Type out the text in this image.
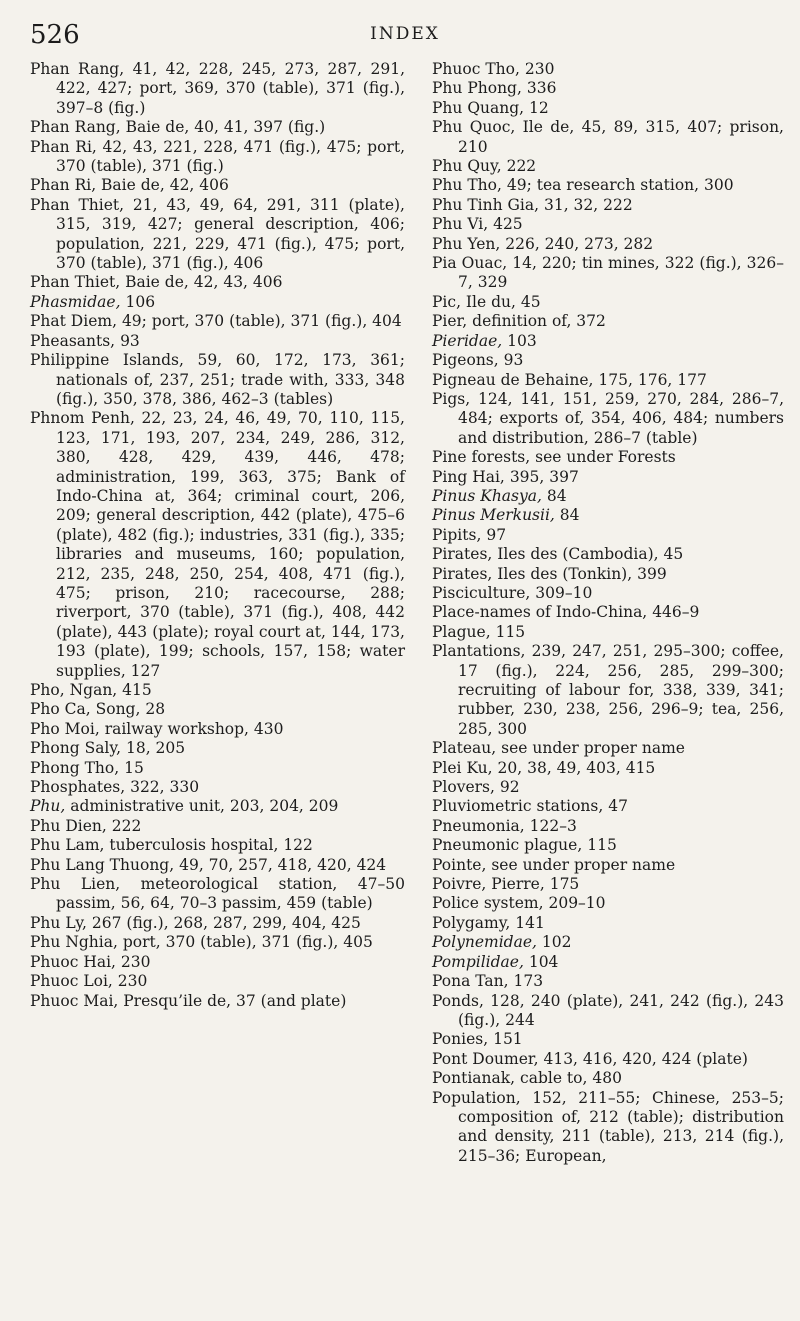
526	INDEX

Phan Rang, 41, 42, 228, 245, 273, 287, 291, 422, 427; port, 369, 370 (table), 371 (fig.), 397–8 (fig.)

Phan Rang, Baie de, 40, 41, 397 (fig.)

Phan Ri, 42, 43, 221, 228, 471 (fig.), 475; port, 370 (table), 371 (fig.)

Phan Ri, Baie de, 42, 406

Phan Thiet, 21, 43, 49, 64, 291, 311 (plate), 315, 319, 427; general description, 406; population, 221, 229, 471 (fig.), 475; port, 370 (table), 371 (fig.), 406

Phan Thiet, Baie de, 42, 43, 406

Phasmidae, 106

Phat Diem, 49; port, 370 (table), 371 (fig.), 404

Pheasants, 93

Philippine Islands, 59, 60, 172, 173, 361; nationals of, 237, 251; trade with, 333, 348 (fig.), 350, 378, 386, 462–3 (tables)

Phnom Penh, 22, 23, 24, 46, 49, 70, 110, 115, 123, 171, 193, 207, 234, 249, 286, 312, 380, 428, 429, 439, 446, 478; administration, 199, 363, 375; Bank of Indo-China at, 364; criminal court, 206, 209; general description, 442 (plate), 475–6 (plate), 482 (fig.); industries, 331 (fig.), 335; libraries and museums, 160; population, 212, 235, 248, 250, 254, 408, 471 (fig.), 475; prison, 210; racecourse, 288; riverport, 370 (table), 371 (fig.), 408, 442 (plate), 443 (plate); royal court at, 144, 173, 193 (plate), 199; schools, 157, 158; water supplies, 127

Pho, Ngan, 415

Pho Ca, Song, 28

Pho Moi, railway workshop, 430

Phong Saly, 18, 205

Phong Tho, 15

Phosphates, 322, 330

Phu, administrative unit, 203, 204, 209

Phu Dien, 222

Phu Lam, tuberculosis hospital, 122

Phu Lang Thuong, 49, 70, 257, 418, 420, 424

Phu Lien, meteorological station, 47–50 passim, 56, 64, 70–3 passim, 459 (table)

Phu Ly, 267 (fig.), 268, 287, 299, 404, 425

Phu Nghia, port, 370 (table), 371 (fig.), 405

Phuoc Hai, 230

Phuoc Loi, 230

Phuoc Mai, Presqu’ile de, 37 (and plate)

Phuoc Tho, 230

Phu Phong, 336

Phu Quang, 12

Phu Quoc, Ile de, 45, 89, 315, 407; prison, 210

Phu Quy, 222

Phu Tho, 49; tea research station, 300

Phu Tinh Gia, 31, 32, 222

Phu Vi, 425

Phu Yen, 226, 240, 273, 282

Pia Ouac, 14, 220; tin mines, 322 (fig.), 326–7, 329

Pic, Ile du, 45

Pier, definition of, 372

Pieridae, 103

Pigeons, 93

Pigneau de Behaine, 175, 176, 177

Pigs, 124, 141, 151, 259, 270, 284, 286–7, 484; exports of, 354, 406, 484; numbers and distribution, 286–7 (table)

Pine forests, see under Forests

Ping Hai, 395, 397

Pinus Khasya, 84

Pinus Merkusii, 84

Pipits, 97

Pirates, Iles des (Cambodia), 45

Pirates, Iles des (Tonkin), 399

Pisciculture, 309–10

Place-names of Indo-China, 446–9

Plague, 115

Plantations, 239, 247, 251, 295–300; coffee, 17 (fig.), 224, 256, 285, 299–300; recruiting of labour for, 338, 339, 341; rubber, 230, 238, 256, 296–9; tea, 256, 285, 300

Plateau, see under proper name

Plei Ku, 20, 38, 49, 403, 415

Plovers, 92

Pluviometric stations, 47

Pneumonia, 122–3

Pneumonic plague, 115

Pointe, see under proper name

Poivre, Pierre, 175

Police system, 209–10

Polygamy, 141

Polynemidae, 102

Pompilidae, 104

Pona Tan, 173

Ponds, 128, 240 (plate), 241, 242 (fig.), 243 (fig.), 244

Ponies, 151

Pont Doumer, 413, 416, 420, 424 (plate)

Pontianak, cable to, 480

Population, 152, 211–55; Chinese, 253–5; composition of, 212 (table); distribution and density, 211 (table), 213, 214 (fig.), 215–36; European,
